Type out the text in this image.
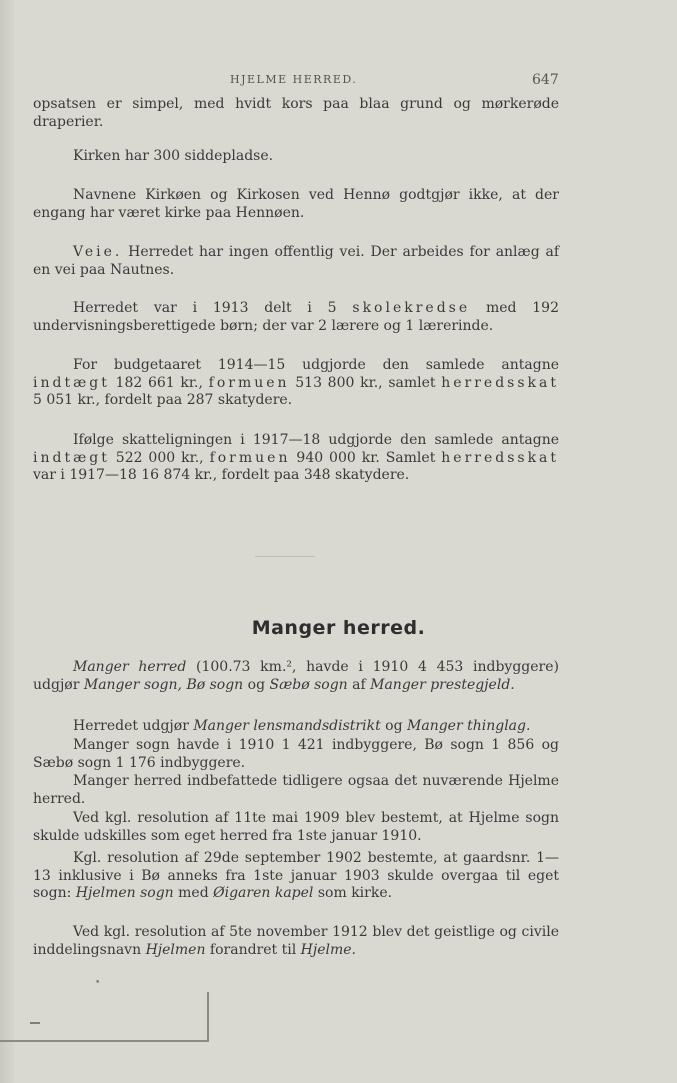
HJELME HERRED.	647

opsatsen er simpel, med hvidt kors paa blaa grund og mørkerøde draperier.

Kirken har 300 siddepladse.

Navnene Kirkøen og Kirkosen ved Hennø godtgjør ikke, at der engang har været kirke paa Hennøen.

Veie. Herredet har ingen offentlig vei. Der arbeides for anlæg af en vei paa Nautnes.

Herredet var i 1913 delt i 5 skolekredse med 192 undervisningsberettigede børn; der var 2 lærere og 1 lærerinde.

For budgetaaret 1914—15 udgjorde den samlede antagne indtægt 182 661 kr., formuen 513 800 kr., samlet herredsskat 5 051 kr., fordelt paa 287 skatydere.

Ifølge skatteligningen i 1917—18 udgjorde den samlede antagne indtægt 522 000 kr., formuen 940 000 kr. Samlet herredsskat var i 1917—18 16 874 kr., fordelt paa 348 skatydere.

Manger herred.

Manger herred (100.73 km.², havde i 1910 4 453 indbyggere) udgjør Manger sogn, Bø sogn og Sæbø sogn af Manger prestegjeld.

Herredet udgjør Manger lensmandsdistrikt og Manger thinglag.

Manger sogn havde i 1910 1 421 indbyggere, Bø sogn 1 856 og Sæbø sogn 1 176 indbyggere.

Manger herred indbefattede tidligere ogsaa det nuværende Hjelme herred.

Ved kgl. resolution af 11te mai 1909 blev bestemt, at Hjelme sogn skulde udskilles som eget herred fra 1ste januar 1910.

Kgl. resolution af 29de september 1902 bestemte, at gaardsnr. 1—13 inklusive i Bø anneks fra 1ste januar 1903 skulde overgaa til eget sogn: Hjelmen sogn med Øigaren kapel som kirke.

Ved kgl. resolution af 5te november 1912 blev det geistlige og civile inddelingsnavn Hjelmen forandret til Hjelme.

•
